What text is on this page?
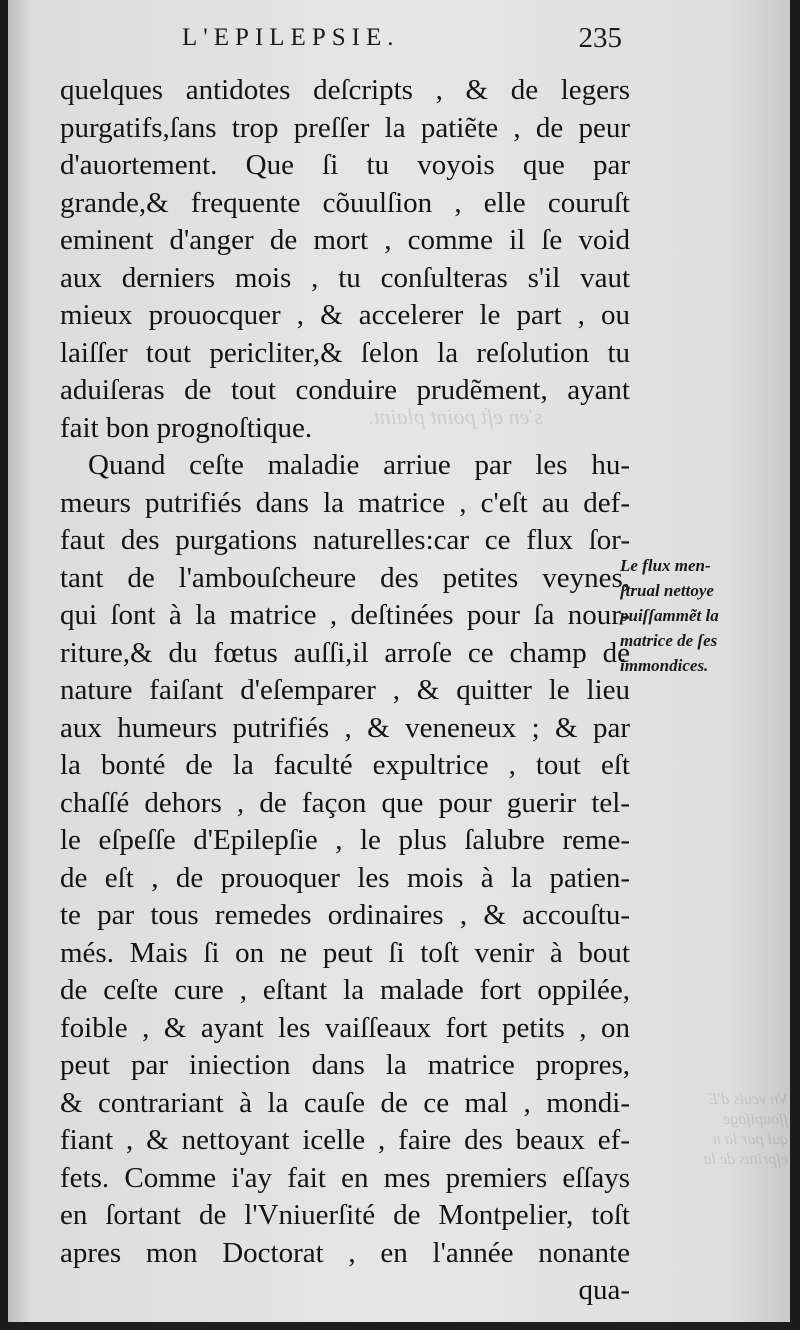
s'en eſt point plaint.
Vn vcuis d'E
ſſoupiſage
qui par la n
eſpritus de la
L'EPILEPSIE.	235
quelques antidotes deſcripts , & de legers
purgatifs,ſans trop preſſer la patiẽte , de peur
d'auortement. Que ſi tu voyois que par
grande,& frequente cõuulſion , elle couruſt
eminent d'anger de mort , comme il ſe void
aux derniers mois , tu conſulteras s'il vaut
mieux prouocquer , & accelerer le part , ou
laiſſer tout pericliter,& ſelon la reſolution tu
aduiſeras de tout conduire prudẽment, ayant
fait bon prognoſtique.
Quand ceſte maladie arriue par les hu-
meurs putrifiés dans la matrice , c'eſt au def-
faut des purgations naturelles:car ce flux ſor-
tant de l'ambouſcheure des petites veynes,
qui ſont à la matrice , deſtinées pour ſa nour-
riture,& du fœtus auſſi,il arroſe ce champ de
nature faiſant d'eſemparer , & quitter le lieu
aux humeurs putrifiés , & veneneux ; & par
la bonté de la faculté expultrice , tout eſt
chaſſé dehors , de façon que pour guerir tel-
le eſpeſſe d'Epilepſie , le plus ſalubre reme-
de eſt , de prouoquer les mois à la patien-
te par tous remedes ordinaires , & accouſtu-
més. Mais ſi on ne peut ſi toſt venir à bout
de ceſte cure , eſtant la malade fort oppilée,
foible , & ayant les vaiſſeaux fort petits , on
peut par iniection dans la matrice propres,
& contrariant à la cauſe de ce mal , mondi-
fiant , & nettoyant icelle , faire des beaux ef-
fets. Comme i'ay fait en mes premiers eſſays
en ſortant de l'Vniuerſité de Montpelier, toſt
apres mon Doctorat , en l'année nonante
qua-
Le flux men-
ſtrual nettoye
puiſſammẽt la
matrice de ſes
immondices.
